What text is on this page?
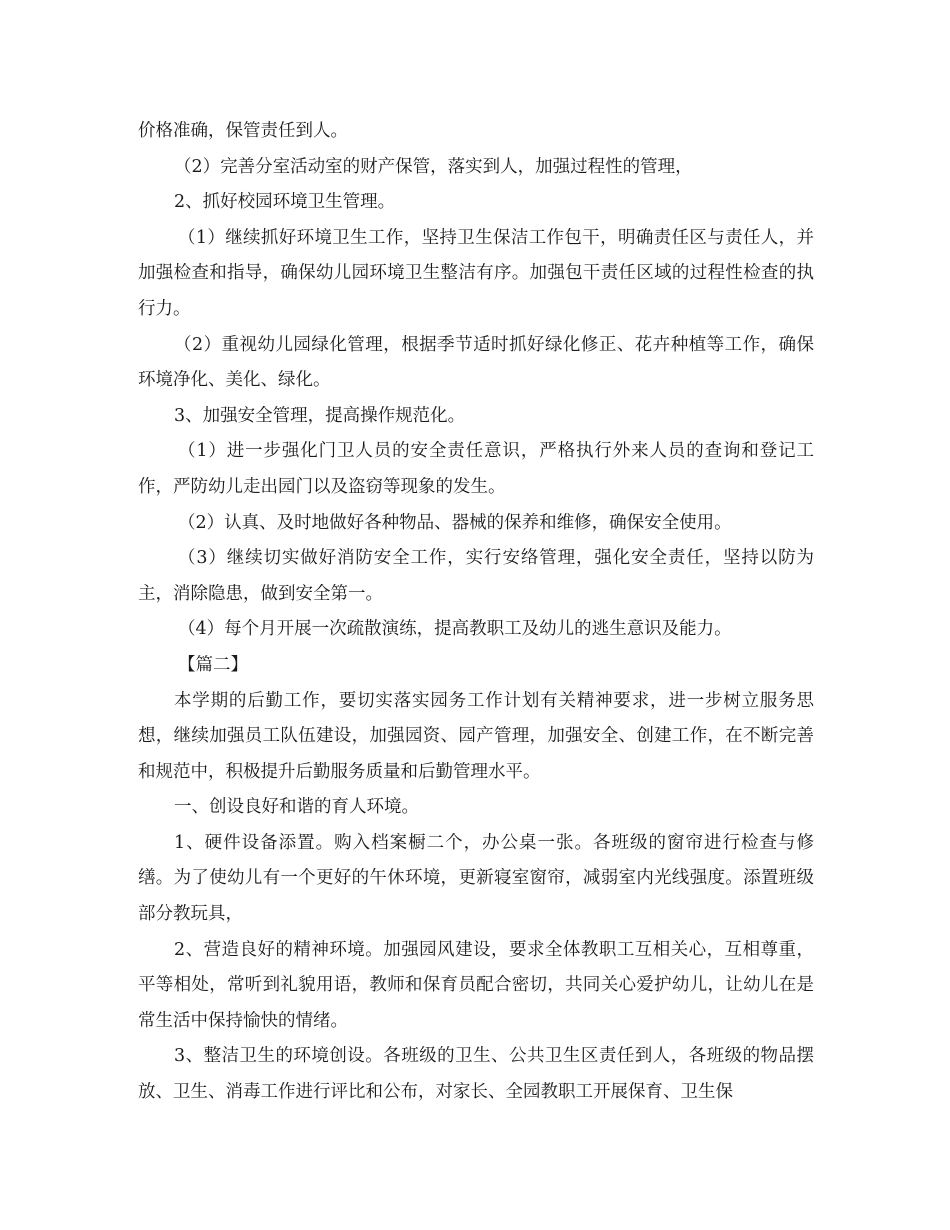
价格准确，保管责任到人。

（2）完善分室活动室的财产保管，落实到人，加强过程性的管理，

2、抓好校园环境卫生管理。

（1）继续抓好环境卫生工作，坚持卫生保洁工作包干，明确责任区与责任人，并加强检查和指导，确保幼儿园环境卫生整洁有序。加强包干责任区域的过程性检查的执行力。

（2）重视幼儿园绿化管理，根据季节适时抓好绿化修正、花卉种植等工作，确保环境净化、美化、绿化。

3、加强安全管理，提高操作规范化。

（1）进一步强化门卫人员的安全责任意识，严格执行外来人员的查询和登记工作，严防幼儿走出园门以及盗窃等现象的发生。

（2）认真、及时地做好各种物品、器械的保养和维修，确保安全使用。

（3）继续切实做好消防安全工作，实行安络管理，强化安全责任，坚持以防为主，消除隐患，做到安全第一。

（4）每个月开展一次疏散演练，提高教职工及幼儿的逃生意识及能力。

【篇二】

本学期的后勤工作，要切实落实园务工作计划有关精神要求，进一步树立服务思想，继续加强员工队伍建设，加强园资、园产管理，加强安全、创建工作，在不断完善和规范中，积极提升后勤服务质量和后勤管理水平。

一、创设良好和谐的育人环境。

1、硬件设备添置。购入档案橱二个，办公桌一张。各班级的窗帘进行检查与修缮。为了使幼儿有一个更好的午休环境，更新寝室窗帘，减弱室内光线强度。添置班级部分教玩具，

2、营造良好的精神环境。加强园风建设，要求全体教职工互相关心，互相尊重，平等相处，常听到礼貌用语，教师和保育员配合密切，共同关心爱护幼儿，让幼儿在是常生活中保持愉快的情绪。

3、整洁卫生的环境创设。各班级的卫生、公共卫生区责任到人，各班级的物品摆放、卫生、消毒工作进行评比和公布，对家长、全园教职工开展保育、卫生保
